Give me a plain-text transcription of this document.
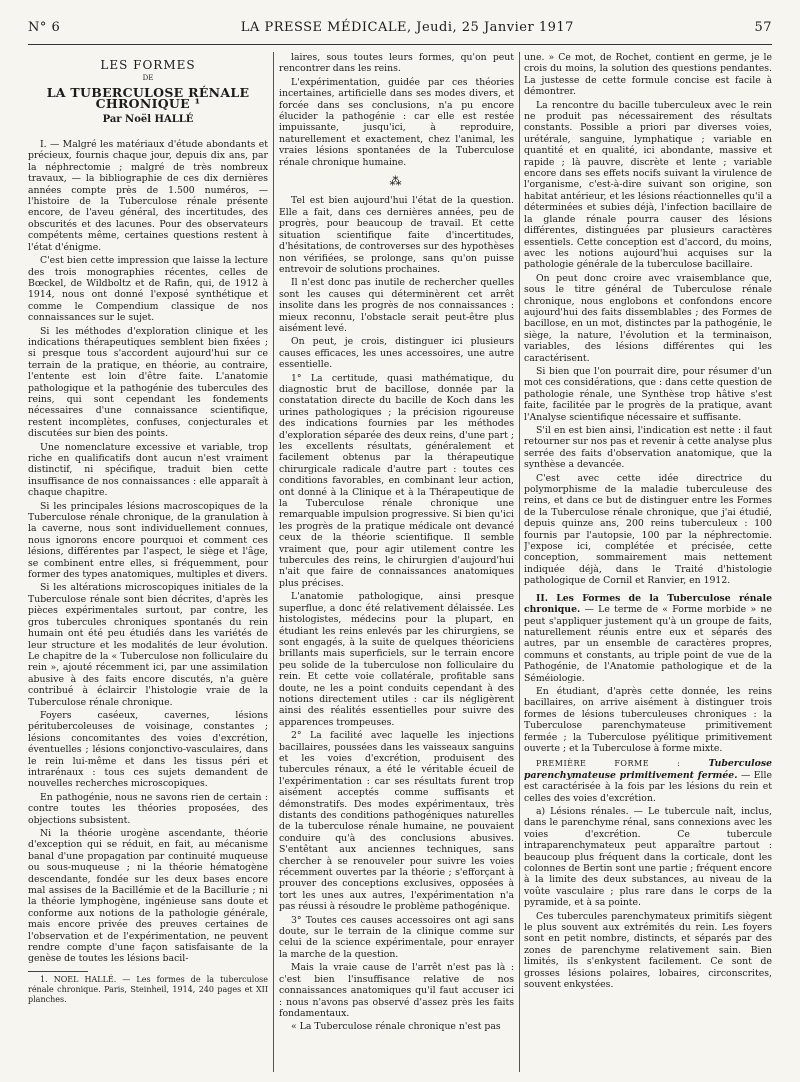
N° 6	LA PRESSE MÉDICALE, Jeudi, 25 Janvier 1917	57
LES FORMES
DE
LA TUBERCULOSE RÉNALE CHRONIQUE ¹
Par Noël HALLÉ

I. — Malgré les matériaux d'étude abondants et précieux, fournis chaque jour, depuis dix ans, par la néphrectomie ; malgré de très nombreux travaux, — la bibliographie de ces dix dernières années compte près de 1.500 numéros, — l'histoire de la Tuberculose rénale présente encore, de l'aveu général, des incertitudes, des obscurités et des lacunes. Pour des observateurs compétents même, certaines questions restent à l'état d'énigme.

C'est bien cette impression que laisse la lecture des trois monographies récentes, celles de Bœckel, de Wildboltz et de Rafin, qui, de 1912 à 1914, nous ont donné l'exposé synthétique et comme le Compendium classique de nos connaissances sur le sujet.

Si les méthodes d'exploration clinique et les indications thérapeutiques semblent bien fixées ; si presque tous s'accordent aujourd'hui sur ce terrain de la pratique, en théorie, au contraire, l'entente est loin d'être faite. L'anatomie pathologique et la pathogénie des tubercules des reins, qui sont cependant les fondements nécessaires d'une connaissance scientifique, restent incomplètes, confuses, conjecturales et discutées sur bien des points.

Une nomenclature excessive et variable, trop riche en qualificatifs dont aucun n'est vraiment distinctif, ni spécifique, traduit bien cette insuffisance de nos connaissances : elle apparaît à chaque chapitre.

Si les principales lésions macroscopiques de la Tuberculose rénale chronique, de la granulation à la caverne, nous sont individuellement connues, nous ignorons encore pourquoi et comment ces lésions, différentes par l'aspect, le siège et l'âge, se combinent entre elles, si fréquemment, pour former des types anatomiques, multiples et divers.

Si les altérations microscopiques initiales de la Tuberculose rénale sont bien décrites, d'après les pièces expérimentales surtout, par contre, les gros tubercules chroniques spontanés du rein humain ont été peu étudiés dans les variétés de leur structure et les modalités de leur évolution. Le chapitre de la « Tuberculose non folliculaire du rein », ajouté récemment ici, par une assimilation abusive à des faits encore discutés, n'a guère contribué à éclaircir l'histologie vraie de la Tuberculose rénale chronique.

Foyers caséeux, cavernes, lésions péritubercoleuses de voisinage, constantes ; lésions concomitantes des voies d'excrétion, éventuelles ; lésions conjonctivo-vasculaires, dans le rein lui-même et dans les tissus péri et intrarénaux : tous ces sujets demandent de nouvelles recherches microscopiques.

En pathogénie, nous ne savons rien de certain : contre toutes les théories proposées, des objections subsistent.

Ni la théorie urogène ascendante, théorie d'exception qui se réduit, en fait, au mécanisme banal d'une propagation par continuité muqueuse ou sous-muqueuse ; ni la théorie hématogène descendante, fondée sur les deux bases encore mal assises de la Bacillémie et de la Bacillurie ; ni la théorie lymphogène, ingénieuse sans doute et conforme aux notions de la pathologie générale, mais encore privée des preuves certaines de l'observation et de l'expérimentation, ne peuvent rendre compte d'une façon satisfaisante de la genèse de toutes les lésions bacil-

1. NOEL HALLÉ. — Les formes de la tuberculose rénale chronique. Paris, Steinheil, 1914, 240 pages et XII planches.

laires, sous toutes leurs formes, qu'on peut rencontrer dans les reins.

L'expérimentation, guidée par ces théories incertaines, artificielle dans ses modes divers, et forcée dans ses conclusions, n'a pu encore élucider la pathogénie : car elle est restée impuissante, jusqu'ici, à reproduire, naturellement et exactement, chez l'animal, les vraies lésions spontanées de la Tuberculose rénale chronique humaine.

⁂

Tel est bien aujourd'hui l'état de la question. Elle a fait, dans ces dernières années, peu de progrès, pour beaucoup de travail. Et cette situation scientifique faite d'incertitudes, d'hésitations, de controverses sur des hypothèses non vérifiées, se prolonge, sans qu'on puisse entrevoir de solutions prochaines.

Il n'est donc pas inutile de rechercher quelles sont les causes qui déterminèrent cet arrêt insolite dans les progrès de nos connaissances : mieux reconnu, l'obstacle serait peut-être plus aisément levé.

On peut, je crois, distinguer ici plusieurs causes efficaces, les unes accessoires, une autre essentielle.

1° La certitude, quasi mathématique, du diagnostic brut de bacillose, donnée par la constatation directe du bacille de Koch dans les urines pathologiques ; la précision rigoureuse des indications fournies par les méthodes d'exploration séparée des deux reins, d'une part ; les excellents résultats, généralement et facilement obtenus par la thérapeutique chirurgicale radicale d'autre part : toutes ces conditions favorables, en combinant leur action, ont donné à la Clinique et à la Thérapeutique de la Tuberculose rénale chronique une remarquable impulsion progressive. Si bien qu'ici les progrès de la pratique médicale ont devancé ceux de la théorie scientifique. Il semble vraiment que, pour agir utilement contre les tubercules des reins, le chirurgien d'aujourd'hui n'ait que faire de connaissances anatomiques plus précises.

L'anatomie pathologique, ainsi presque superflue, a donc été relativement délaissée. Les histologistes, médecins pour la plupart, en étudiant les reins enlevés par les chirurgiens, se sont engagés, à la suite de quelques théoriciens brillants mais superficiels, sur le terrain encore peu solide de la tuberculose non folliculaire du rein. Et cette voie collatérale, profitable sans doute, ne les a point conduits cependant à des notions directement utiles : car ils négligèrent ainsi des réalités essentielles pour suivre des apparences trompeuses.

2° La facilité avec laquelle les injections bacillaires, poussées dans les vaisseaux sanguins et les voies d'excrétion, produisent des tubercules rénaux, a été le véritable écueil de l'expérimentation : car ses résultats furent trop aisément acceptés comme suffisants et démonstratifs. Des modes expérimentaux, très distants des conditions pathogéniques naturelles de la tuberculose rénale humaine, ne pouvaient conduire qu'à des conclusions abusives. S'entêtant aux anciennes techniques, sans chercher à se renouveler pour suivre les voies récemment ouvertes par la théorie ; s'efforçant à prouver des conceptions exclusives, opposées à tort les unes aux autres, l'expérimentation n'a pas réussi à résoudre le problème pathogénique.

3° Toutes ces causes accessoires ont agi sans doute, sur le terrain de la clinique comme sur celui de la science expérimentale, pour enrayer la marche de la question.

Mais la vraie cause de l'arrêt n'est pas là : c'est bien l'insuffisance relative de nos connaissances anatomiques qu'il faut accuser ici : nous n'avons pas observé d'assez près les faits fondamentaux.

« La Tuberculose rénale chronique n'est pas

une. » Ce mot, de Rochet, contient en germe, je le crois du moins, la solution des questions pendantes. La justesse de cette formule concise est facile à démontrer.

La rencontre du bacille tuberculeux avec le rein ne produit pas nécessairement des résultats constants. Possible a priori par diverses voies, urétérale, sanguine, lymphatique ; variable en quantité et en qualité, ici abondante, massive et rapide ; là pauvre, discrète et lente ; variable encore dans ses effets nocifs suivant la virulence de l'organisme, c'est-à-dire suivant son origine, son habitat antérieur, et les lésions réactionnelles qu'il a déterminées et subies déjà, l'infection bacillaire de la glande rénale pourra causer des lésions différentes, distinguées par plusieurs caractères essentiels. Cette conception est d'accord, du moins, avec les notions aujourd'hui acquises sur la pathologie générale de la tuberculose bacillaire.

On peut donc croire avec vraisemblance que, sous le titre général de Tuberculose rénale chronique, nous englobons et confondons encore aujourd'hui des faits dissemblables ; des Formes de bacillose, en un mot, distinctes par la pathogénie, le siège, la nature, l'évolution et la terminaison, variables, des lésions différentes qui les caractérisent.

Si bien que l'on pourrait dire, pour résumer d'un mot ces considérations, que : dans cette question de pathologie rénale, une Synthèse trop hâtive s'est faite, facilitée par le progrès de la pratique, avant l'Analyse scientifique nécessaire et suffisante.

S'il en est bien ainsi, l'indication est nette : il faut retourner sur nos pas et revenir à cette analyse plus serrée des faits d'observation anatomique, que la synthèse a devancée.

C'est avec cette idée directrice du polymorphisme de la maladie tuberculeuse des reins, et dans ce but de distinguer entre les Formes de la Tuberculose rénale chronique, que j'ai étudié, depuis quinze ans, 200 reins tuberculeux : 100 fournis par l'autopsie, 100 par la néphrectomie. J'expose ici, complétée et précisée, cette conception, sommairement mais nettement indiquée déjà, dans le Traité d'histologie pathologique de Cornil et Ranvier, en 1912.

II. Les Formes de la Tuberculose rénale chronique. — Le terme de « Forme morbide » ne peut s'appliquer justement qu'à un groupe de faits, naturellement réunis entre eux et séparés des autres, par un ensemble de caractères propres, communs et constants, au triple point de vue de la Pathogénie, de l'Anatomie pathologique et de la Séméiologie.

En étudiant, d'après cette donnée, les reins bacillaires, on arrive aisément à distinguer trois formes de lésions tuberculeuses chroniques : la Tuberculose parenchymateuse primitivement fermée ; la Tuberculose pyélitique primitivement ouverte ; et la Tuberculose à forme mixte.

PREMIÈRE FORME : Tuberculose parenchymateuse primitivement fermée. — Elle est caractérisée à la fois par les lésions du rein et celles des voies d'excrétion.

a) Lésions rénales. — Le tubercule naît, inclus, dans le parenchyme rénal, sans connexions avec les voies d'excrétion. Ce tubercule intraparenchymateux peut apparaître partout : beaucoup plus fréquent dans la corticale, dont les colonnes de Bertin sont une partie ; fréquent encore à la limite des deux substances, au niveau de la voûte vasculaire ; plus rare dans le corps de la pyramide, et à sa pointe.

Ces tubercules parenchymateux primitifs siègent le plus souvent aux extrémités du rein. Les foyers sont en petit nombre, distincts, et séparés par des zones de parenchyme relativement sain. Bien limités, ils s'enkystent facilement. Ce sont de grosses lésions polaires, lobaires, circonscrites, souvent enkystées.
